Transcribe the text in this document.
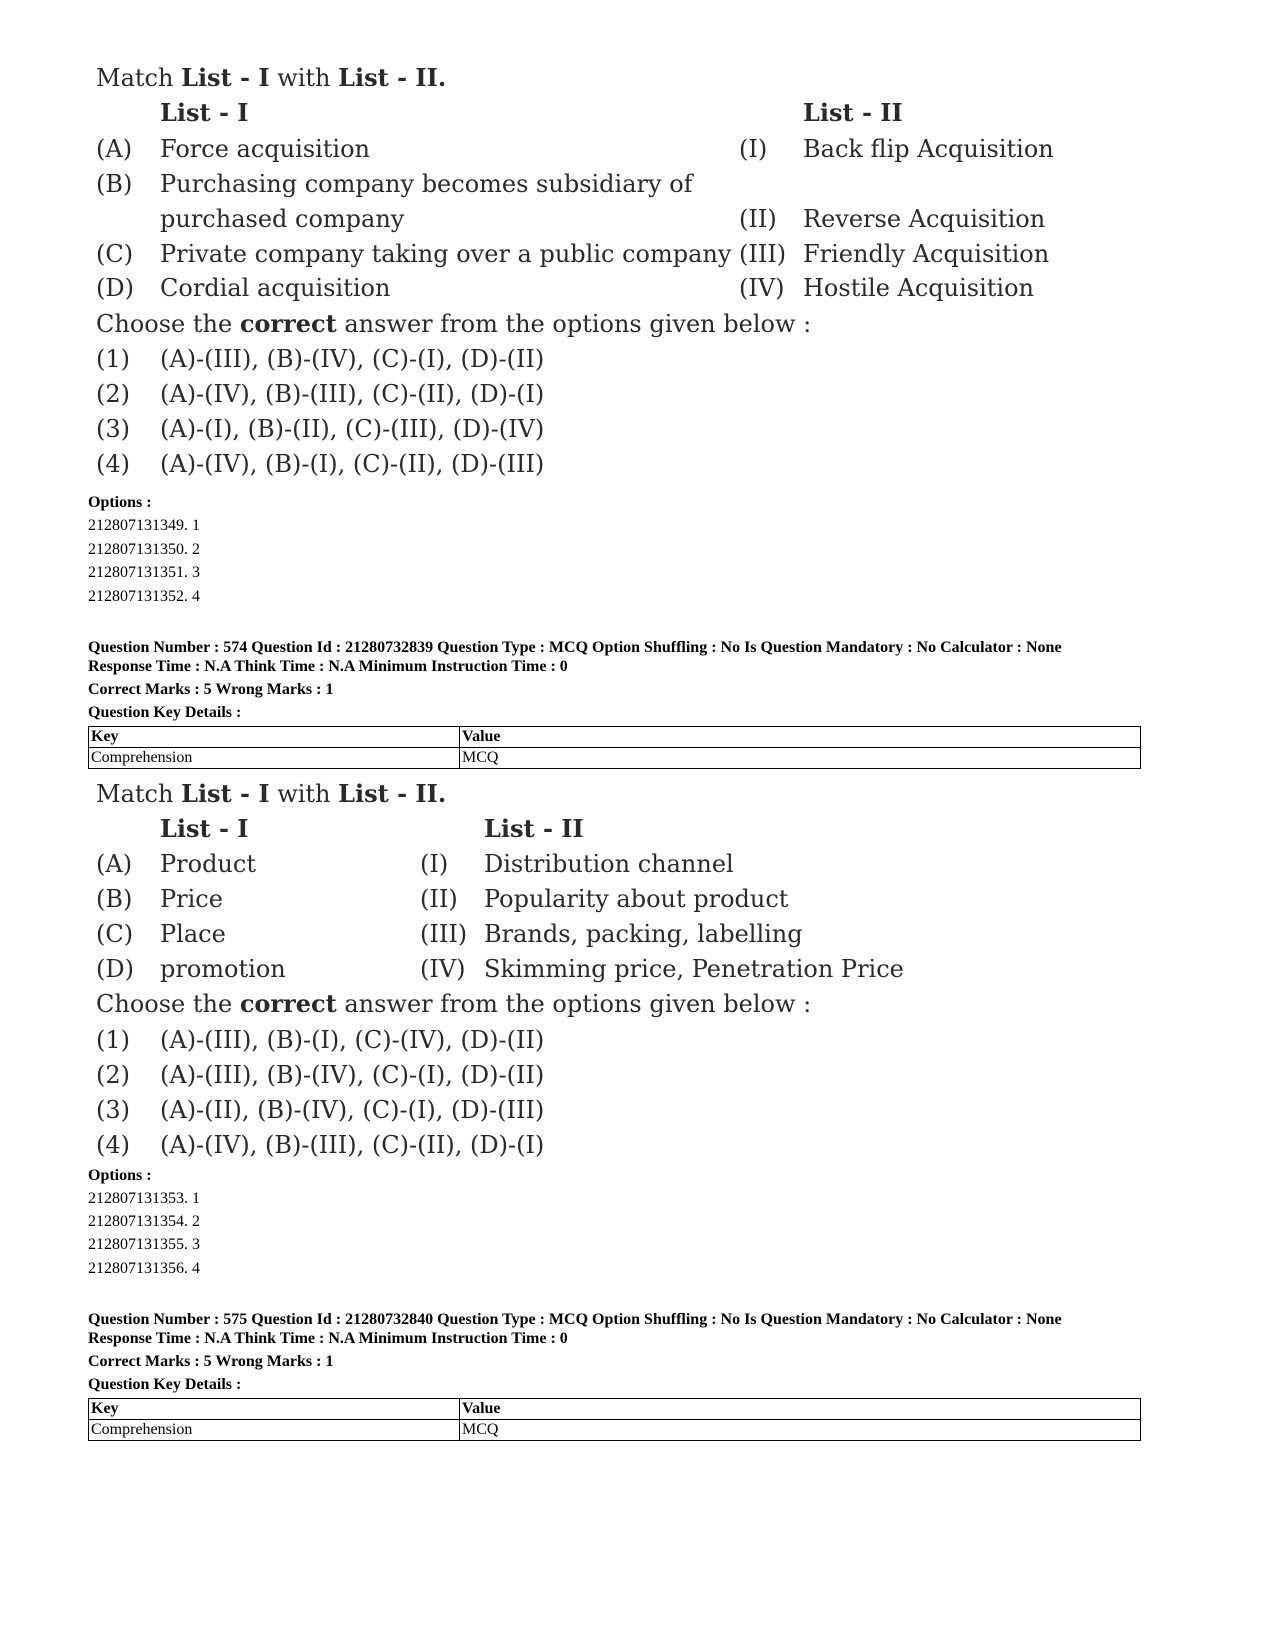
Match List - I with List - II.
List - I	List - II
(A) Force acquisition	(I) Back flip Acquisition
(B) Purchasing company becomes subsidiary of
purchased company	(II) Reverse Acquisition
(C) Private company taking over a public company (III) Friendly Acquisition
(D) Cordial acquisition	(IV) Hostile Acquisition
Choose the correct answer from the options given below :
(1) (A)-(III), (B)-(IV), (C)-(I), (D)-(II)
(2) (A)-(IV), (B)-(III), (C)-(II), (D)-(I)
(3) (A)-(I), (B)-(II), (C)-(III), (D)-(IV)
(4) (A)-(IV), (B)-(I), (C)-(II), (D)-(III)
Options :
212807131349. 1
212807131350. 2
212807131351. 3
212807131352. 4
Question Number : 574 Question Id : 21280732839 Question Type : MCQ Option Shuffling : No Is Question Mandatory : No Calculator : None
Response Time : N.A Think Time : N.A Minimum Instruction Time : 0
Correct Marks : 5 Wrong Marks : 1
Question Key Details :
Key	Value
Comprehension	MCQ
Match List - I with List - II.
List - I	List - II
(A) Product	(I) Distribution channel
(B) Price	(II) Popularity about product
(C) Place	(III) Brands, packing, labelling
(D) promotion	(IV) Skimming price, Penetration Price
Choose the correct answer from the options given below :
(1) (A)-(III), (B)-(I), (C)-(IV), (D)-(II)
(2) (A)-(III), (B)-(IV), (C)-(I), (D)-(II)
(3) (A)-(II), (B)-(IV), (C)-(I), (D)-(III)
(4) (A)-(IV), (B)-(III), (C)-(II), (D)-(I)
Options :
212807131353. 1
212807131354. 2
212807131355. 3
212807131356. 4
Question Number : 575 Question Id : 21280732840 Question Type : MCQ Option Shuffling : No Is Question Mandatory : No Calculator : None
Response Time : N.A Think Time : N.A Minimum Instruction Time : 0
Correct Marks : 5 Wrong Marks : 1
Question Key Details :
Key	Value
Comprehension	MCQ
